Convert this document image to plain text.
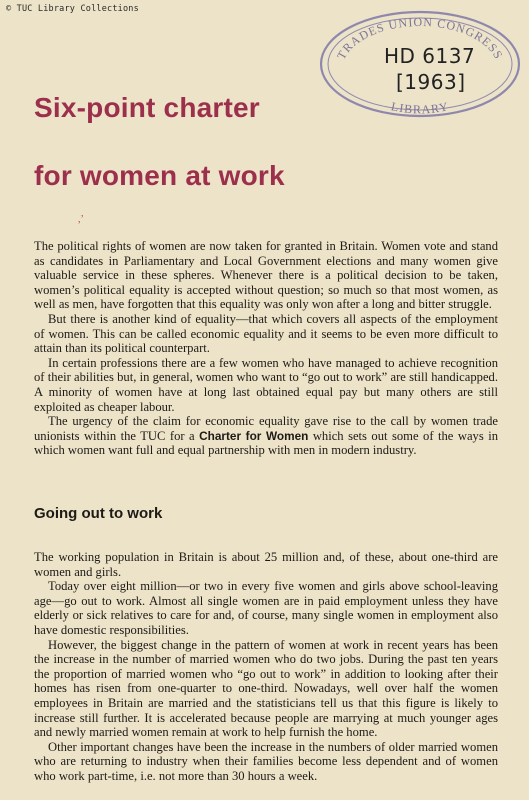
© TUC Library Collections
TRADES UNION CONGRESS
LIBRARY
HD 6137
[1963]
Six-point charter
for women at work
,’

The political rights of women are now taken for granted in Britain. Women vote and stand as candidates in Parliamentary and Local Government elections and many women give valuable service in these spheres. Whenever there is a political decision to be taken, women’s political equality is accepted without question; so much so that most women, as well as men, have forgotten that this equality was only won after a long and bitter struggle.

But there is another kind of equality—that which covers all aspects of the employment of women. This can be called economic equality and it seems to be even more difficult to attain than its political counterpart.

In certain professions there are a few women who have managed to achieve recognition of their abilities but, in general, women who want to “go out to work” are still handicapped. A minority of women have at long last obtained equal pay but many others are still exploited as cheaper labour.

The urgency of the claim for economic equality gave rise to the call by women trade unionists within the TUC for a Charter for Women which sets out some of the ways in which women want full and equal partnership with men in modern industry.

Going out to work

The working population in Britain is about 25 million and, of these, about one-third are women and girls.

Today over eight million—or two in every five women and girls above school-leaving age—go out to work. Almost all single women are in paid employment unless they have elderly or sick relatives to care for and, of course, many single women in employment also have domestic responsibilities.

However, the biggest change in the pattern of women at work in recent years has been the increase in the number of married women who do two jobs. During the past ten years the proportion of married women who “go out to work” in addition to looking after their homes has risen from one-quarter to one-third. Nowadays, well over half the women employees in Britain are married and the statisticians tell us that this figure is likely to increase still further. It is accelerated because people are marrying at much younger ages and newly married women remain at work to help furnish the home.

Other important changes have been the increase in the numbers of older married women who are returning to industry when their families become less dependent and of women who work part-time, i.e. not more than 30 hours a week.
